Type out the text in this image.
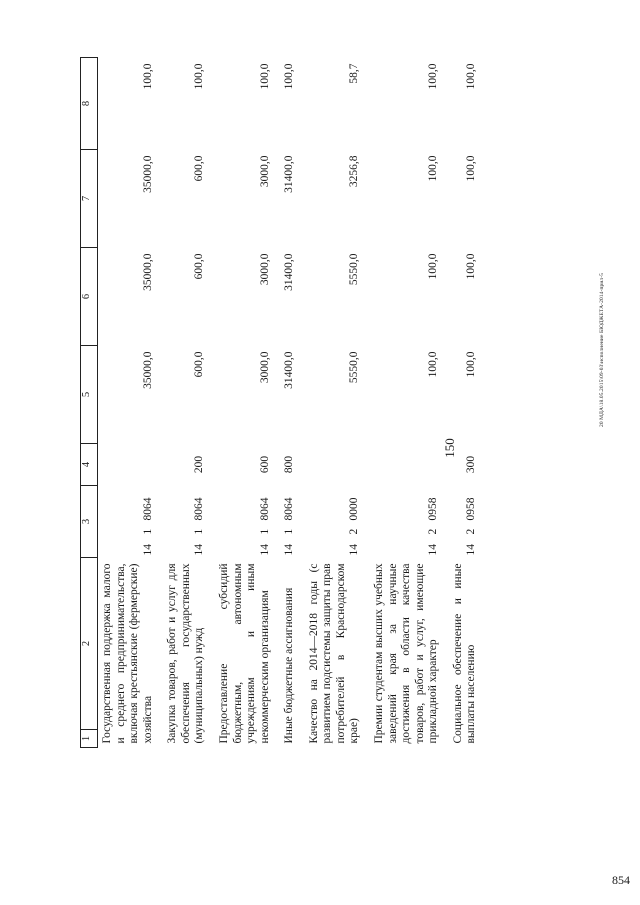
150
20 МДА\18.05.2015\09-03\исполнение БЮДЖЕТА-2014-прил-5
854
1	2	3	4	5	6	7	8
Государственная поддержка малого и среднего предпринимательства, включая крестьянские (фермерские) хозяйства		1418064		35000,0	35000,0	35000,0	100,0
Закупка товаров, работ и услуг для обеспечения государственных (муниципальных) нужд		1418064	200	600,0	600,0	600,0	100,0
Предоставление субсидий бюджетным, автономным учреждениям и иным некоммерческим организациям		1418064	600	3000,0	3000,0	3000,0	100,0
Иные бюджетные ассигнования		1418064	800	31400,0	31400,0	31400,0	100,0
Качество на 2014—2018 годы (с развитием подсистемы защиты прав потребителей в Краснодарском крае)		1420000		5550,0	5550,0	3256,8	58,7
Премии студентам высших учебных заведений края за научные достижения в области качества товаров, работ и услуг, имеющие прикладной характер		1420958		100,0	100,0	100,0	100,0
Социальное обеспечение и иные выплаты населению		1420958	300	100,0	100,0	100,0	100,0
